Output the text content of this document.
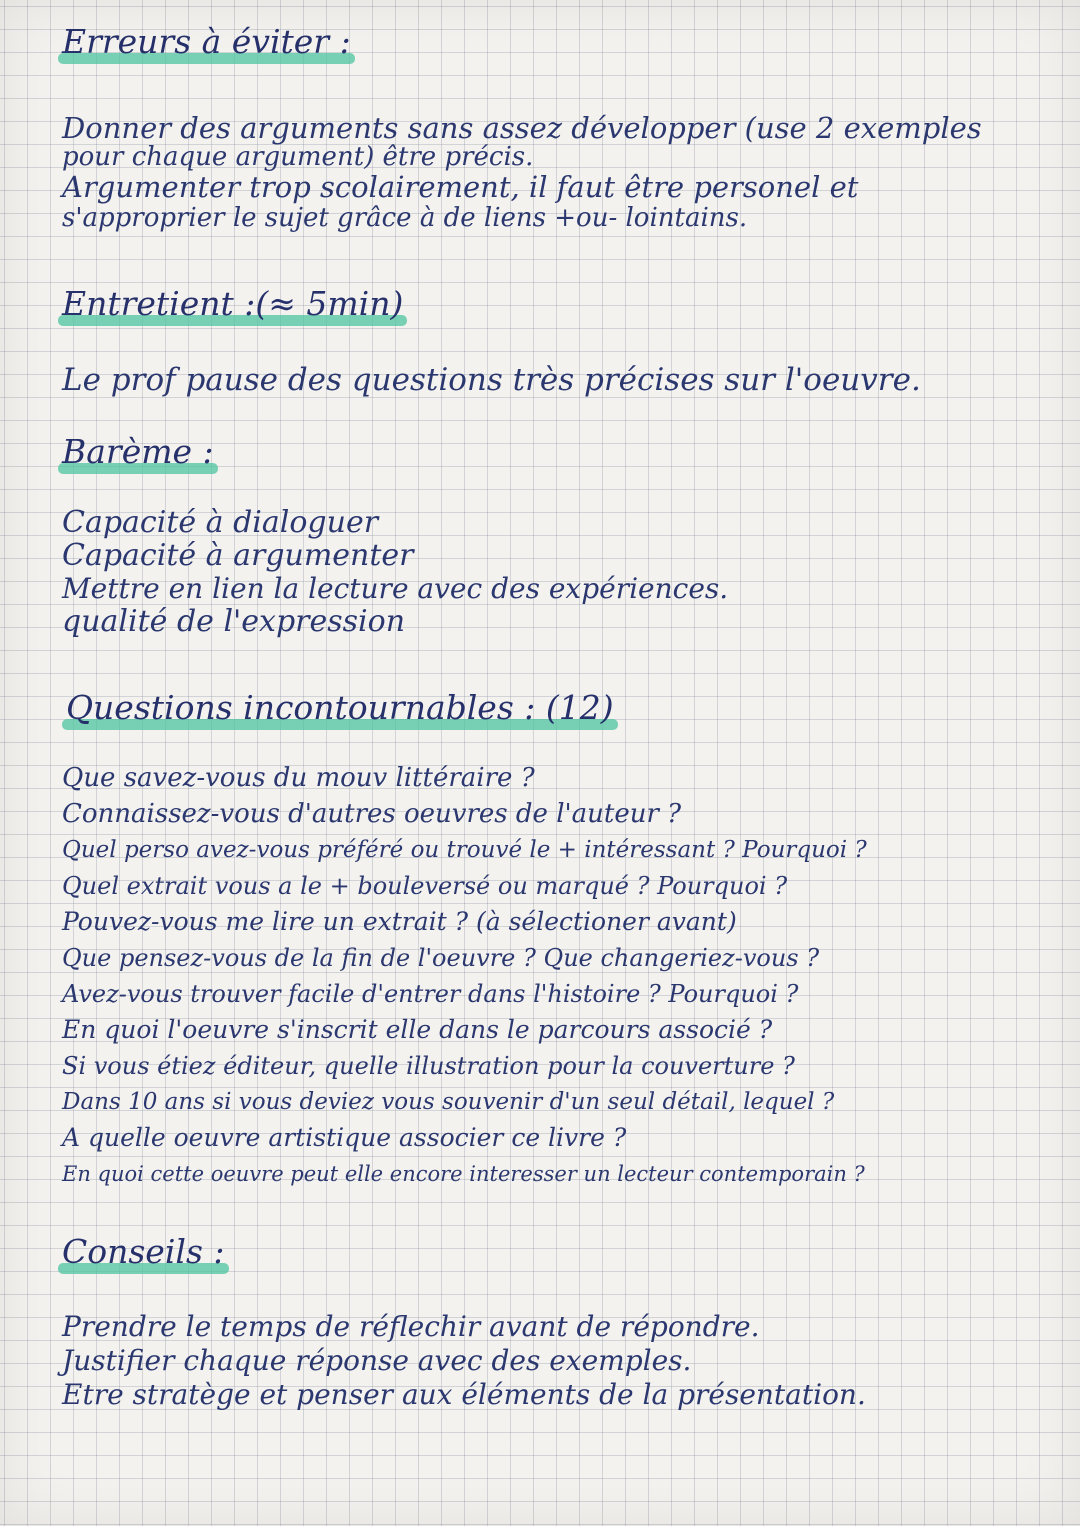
Erreurs à éviter :
Donner des arguments sans assez développer (use 2 exemples
pour chaque argument) être précis.
Argumenter trop scolairement, il faut être personel et
s'approprier le sujet grâce à de liens +ou- lointains.
Entretient :(≈ 5min)
Le prof pause des questions très précises sur l'oeuvre.
Barème :
Capacité à dialoguer
Capacité à argumenter
Mettre en lien la lecture avec des expériences.
qualité de l'expression
Questions incontournables : (12)
Que savez-vous du mouv littéraire ?
Connaissez-vous d'autres oeuvres de l'auteur ?
Quel perso avez-vous préféré ou trouvé le + intéressant ? Pourquoi ?
Quel extrait vous a le + bouleversé ou marqué ? Pourquoi ?
Pouvez-vous me lire un extrait ? (à sélectioner avant)
Que pensez-vous de la fin de l'oeuvre ? Que changeriez-vous ?
Avez-vous trouver facile d'entrer dans l'histoire ? Pourquoi ?
En quoi l'oeuvre s'inscrit elle dans le parcours associé ?
Si vous étiez éditeur, quelle illustration pour la couverture ?
Dans 10 ans si vous deviez vous souvenir d'un seul détail, lequel ?
A quelle oeuvre artistique associer ce livre ?
En quoi cette oeuvre peut elle encore interesser un lecteur contemporain ?
Conseils :
Prendre le temps de réflechir avant de répondre.
Justifier chaque réponse avec des exemples.
Etre stratège et penser aux éléments de la présentation.
